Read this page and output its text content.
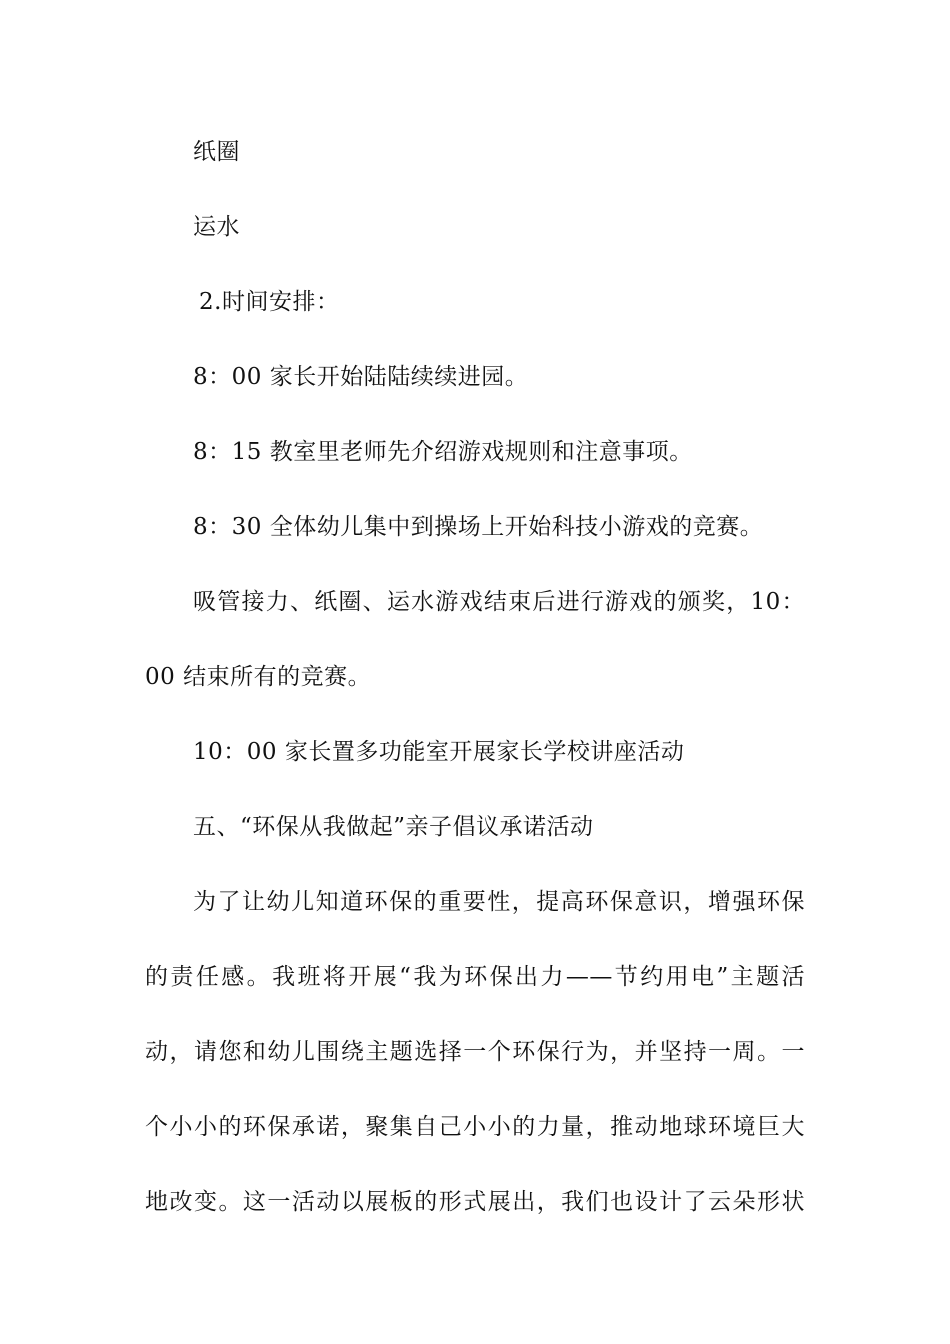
纸圈
运水
2.时间安排：
8：00 家长开始陆陆续续进园。
8：15 教室里老师先介绍游戏规则和注意事项。
8：30 全体幼儿集中到操场上开始科技小游戏的竞赛。
吸管接力、纸圈、运水游戏结束后进行游戏的颁奖，10：
00 结束所有的竞赛。
10：00 家长置多功能室开展家长学校讲座活动
五、“环保从我做起”亲子倡议承诺活动
为了让幼儿知道环保的重要性，提高环保意识，增强环保
的责任感。我班将开展“我为环保出力——节约用电”主题活
动，请您和幼儿围绕主题选择一个环保行为，并坚持一周。一
个小小的环保承诺，聚集自己小小的力量，推动地球环境巨大
地改变。这一活动以展板的形式展出，我们也设计了云朵形状
